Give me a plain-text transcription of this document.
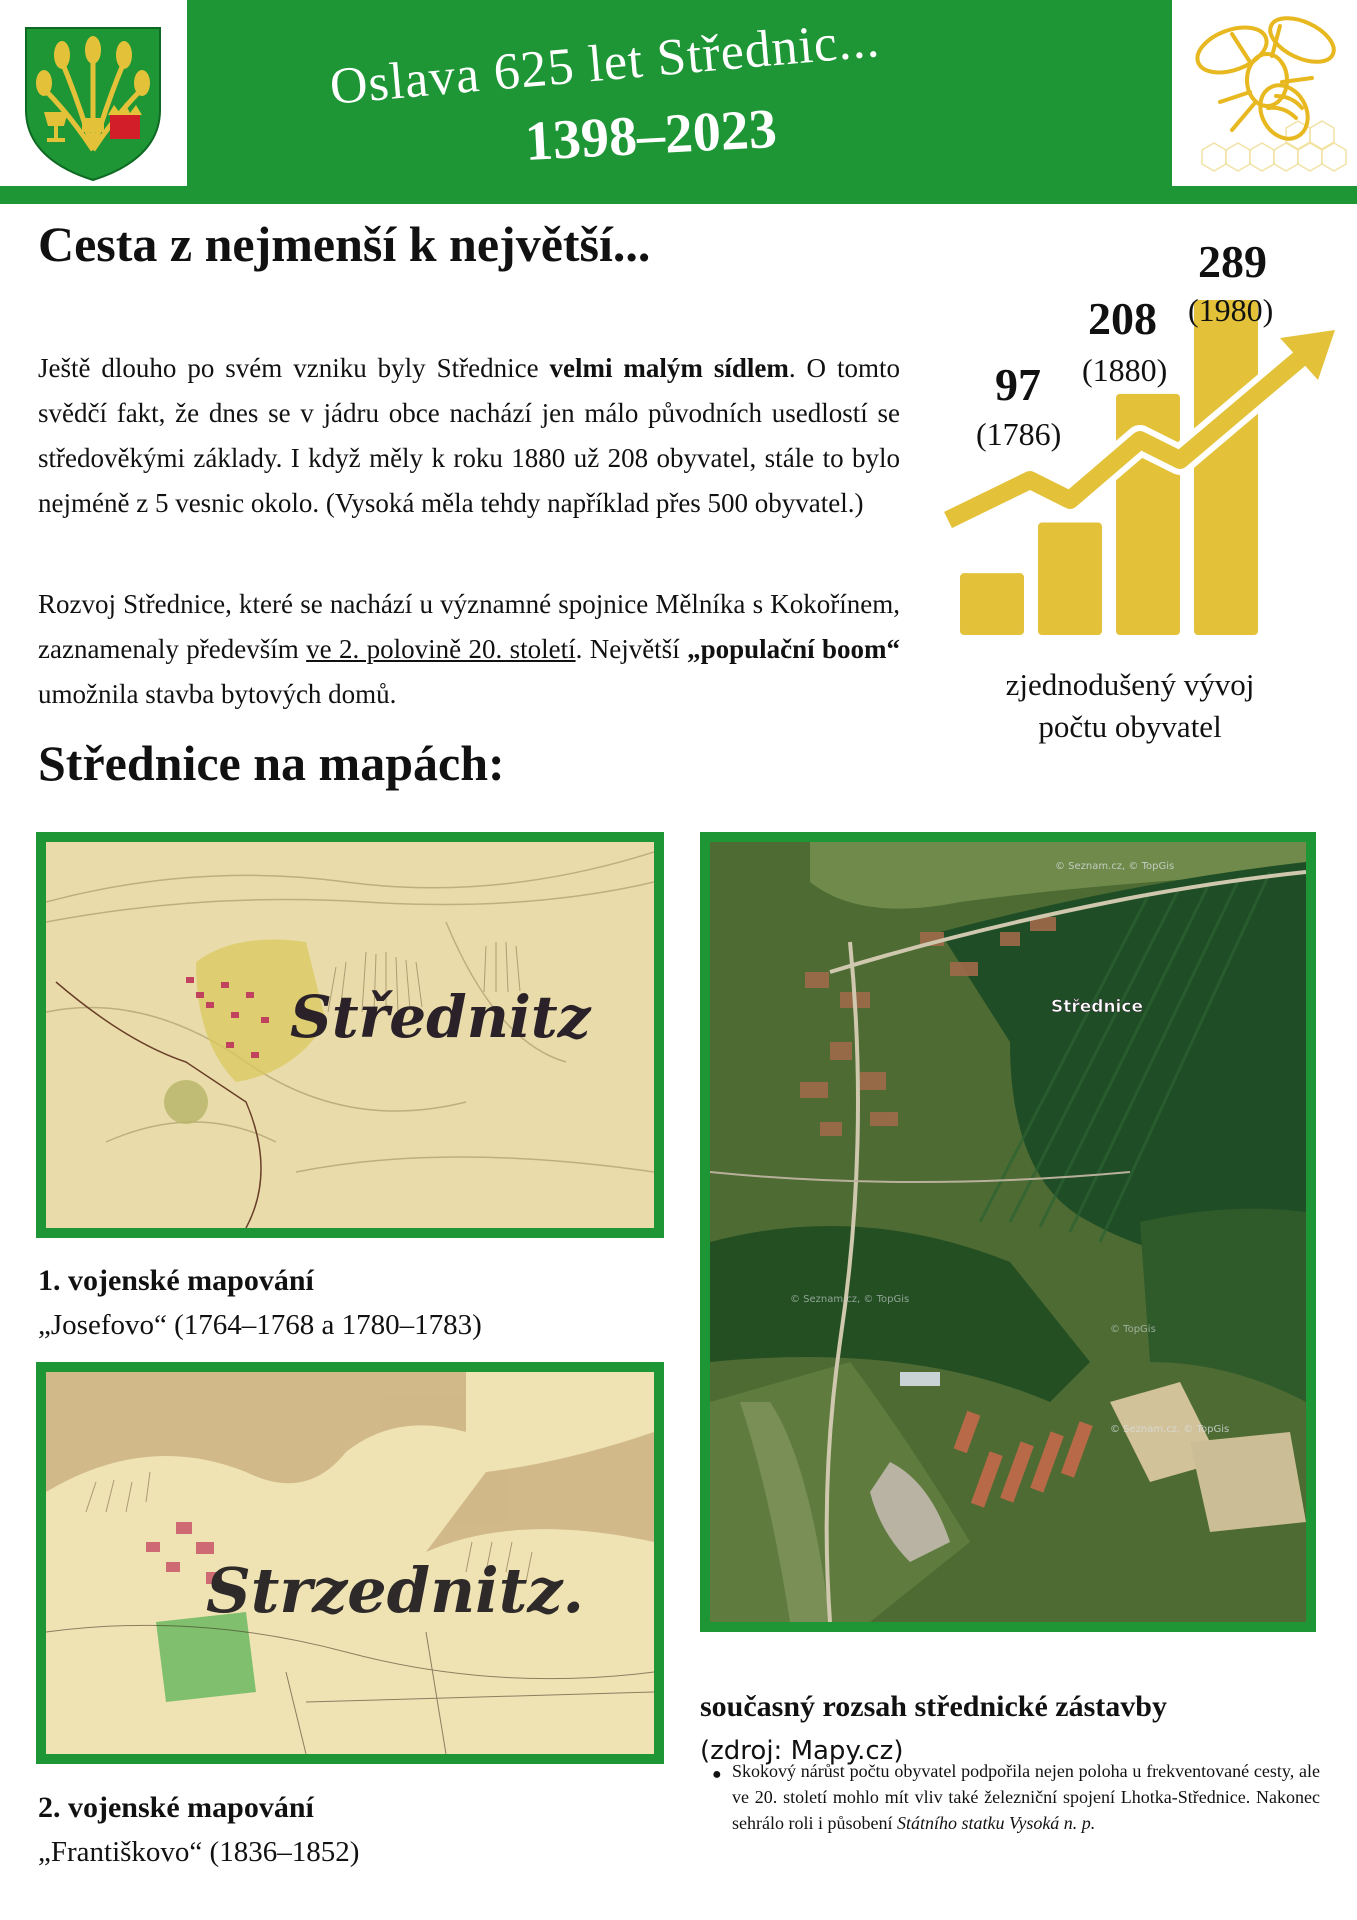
Oslava 625 let Střednic...
1398–2023
Cesta z nejmenší k největší...

Ještě dlouho po svém vzniku byly Střednice velmi malým sídlem. O tomto svědčí fakt, že dnes se v jádru obce nachází jen málo původních usedlostí se středověkými základy. I když měly k roku 1880 už 208 obyvatel, stále to bylo nejméně z 5 vesnic okolo. (Vysoká měla tehdy například přes 500 obyvatel.)

Rozvoj Střednice, které se nachází u významné spojnice Mělníka s Kokořínem, zaznamenaly především ve 2. polovině 20. století. Největší „populační boom“ umožnila stavba bytových domů.

97
(1786)
208
(1880)
289
(1980)
zjednodušený vývoj
počtu obyvatel
Střednice na mapách:
Střednitz
1. vojenské mapování
„Josefovo“ (1764–1768 a 1780–1783)
Strzednitz.
2. vojenské mapování
„Františkovo“ (1836–1852)
© Seznam.cz, © TopGis
© Seznam.cz, © TopGis
© Seznam.cz, © TopGis
© TopGis
Střednice
současný rozsah střednické zástavby
(zdroj: Mapy.cz)
● Skokový nárůst počtu obyvatel podpořila nejen poloha u frekventované cesty, ale ve 20. století mohlo mít vliv také železniční spojení Lhotka-Střednice. Nakonec sehrálo roli i působení Státního statku Vysoká n. p.
